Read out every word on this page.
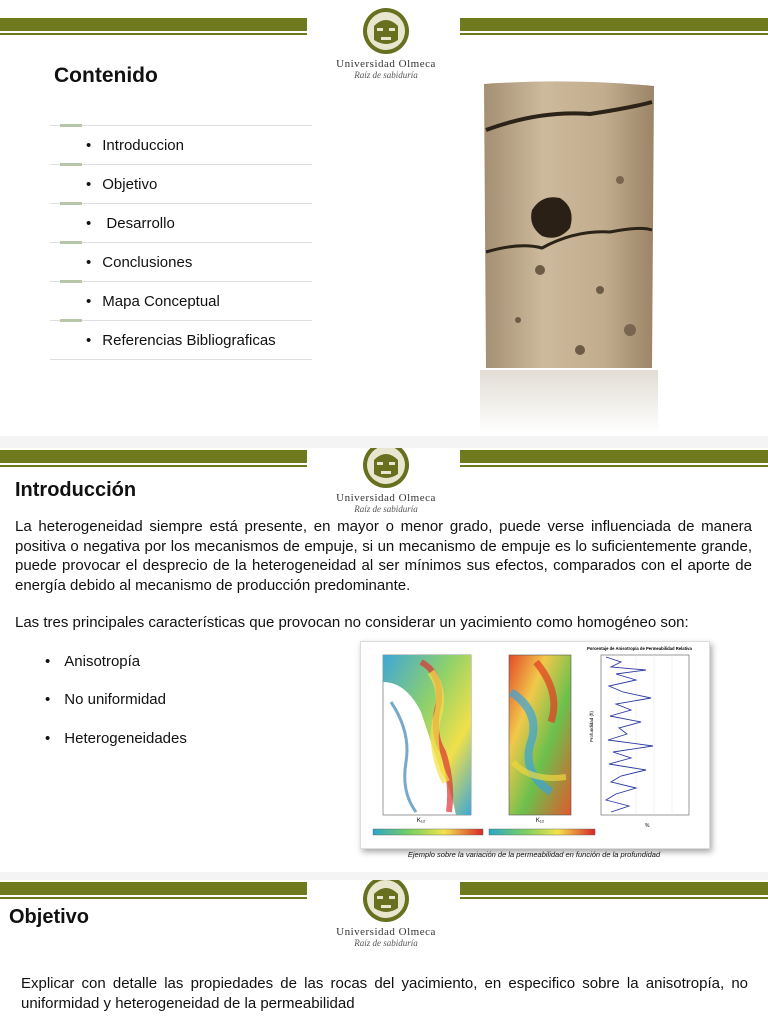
Universidad Olmeca
Raíz de sabiduría
Contenido
• Introduccion
• Objetivo
•  Desarrollo
• Conclusiones
• Mapa Conceptual
• Referencias Bibliograficas
Universidad Olmeca
Raíz de sabiduría
Introducción
La heterogeneidad siempre está presente, en mayor o menor grado, puede verse influenciada de manera positiva o negativa por los mecanismos de empuje, si un mecanismo de empuje es lo suficientemente grande, puede provocar el desprecio de la heterogeneidad al ser mínimos sus efectos, comparados con el aporte de energía debido al mecanismo de producción predominante.
Las tres principales características que provocan no considerar un yacimiento como homogéneo son:
• Anisotropía
• No uniformidad
• Heterogeneidades
K₁₂	K₁₂
Porcentaje de Anisotropía de Permeabilidad Relativa
%
Profundidad (ft)
Ejemplo sobre la variación de la permeabilidad en función de la profundidad
Universidad Olmeca
Raíz de sabiduría
Objetivo
Explicar con detalle las propiedades de las rocas del yacimiento, en especifico sobre la anisotropía, no uniformidad y heterogeneidad de la permeabilidad
